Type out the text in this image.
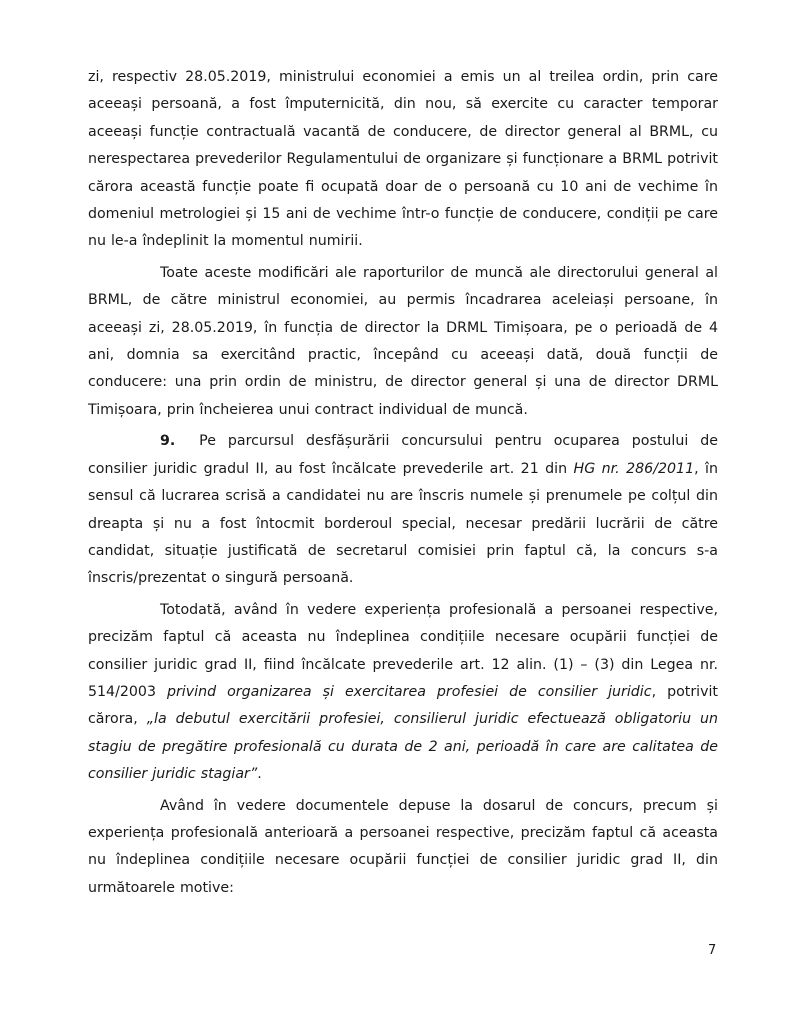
zi, respectiv 28.05.2019, ministrului economiei a emis un al treilea ordin, prin care aceeași persoană, a fost împuternicită, din nou, să exercite cu caracter temporar aceeași funcție contractuală vacantă de conducere, de director general al BRML, cu nerespectarea prevederilor Regulamentului de organizare și funcționare a BRML potrivit cărora această funcție poate fi ocupată doar de o persoană cu 10 ani de vechime în domeniul metrologiei și 15 ani de vechime într-o funcție de conducere, condiții pe care nu le-a îndeplinit la momentul numirii.

Toate aceste modificări ale raporturilor de muncă ale directorului general al BRML, de către ministrul economiei, au permis încadrarea aceleiași persoane, în aceeași zi, 28.05.2019, în funcția de director la DRML Timișoara, pe o perioadă de 4 ani, domnia sa exercitând practic, începând cu aceeași dată, două funcții de conducere: una prin ordin de ministru, de director general și una de director DRML Timișoara, prin încheierea unui contract individual de muncă.

9. Pe parcursul desfășurării concursului pentru ocuparea postului de consilier juridic gradul II, au fost încălcate prevederile art. 21 din HG nr. 286/2011, în sensul că lucrarea scrisă a candidatei nu are înscris numele și prenumele pe colțul din dreapta și nu a fost întocmit borderoul special, necesar predării lucrării de către candidat, situație justificată de secretarul comisiei prin faptul că, la concurs s-a înscris/prezentat o singură persoană.

Totodată, având în vedere experiența profesională a persoanei respective, precizăm faptul că aceasta nu îndeplinea condițiile necesare ocupării funcției de consilier juridic grad II, fiind încălcate prevederile art. 12 alin. (1) – (3) din Legea nr. 514/2003 privind organizarea și exercitarea profesiei de consilier juridic, potrivit cărora, „la debutul exercitării profesiei, consilierul juridic efectuează obligatoriu un stagiu de pregătire profesională cu durata de 2 ani, perioadă în care are calitatea de consilier juridic stagiar”.

Având în vedere documentele depuse la dosarul de concurs, precum și experiența profesională anterioară a persoanei respective, precizăm faptul că aceasta nu îndeplinea condițiile necesare ocupării funcției de consilier juridic grad II, din următoarele motive:

7
